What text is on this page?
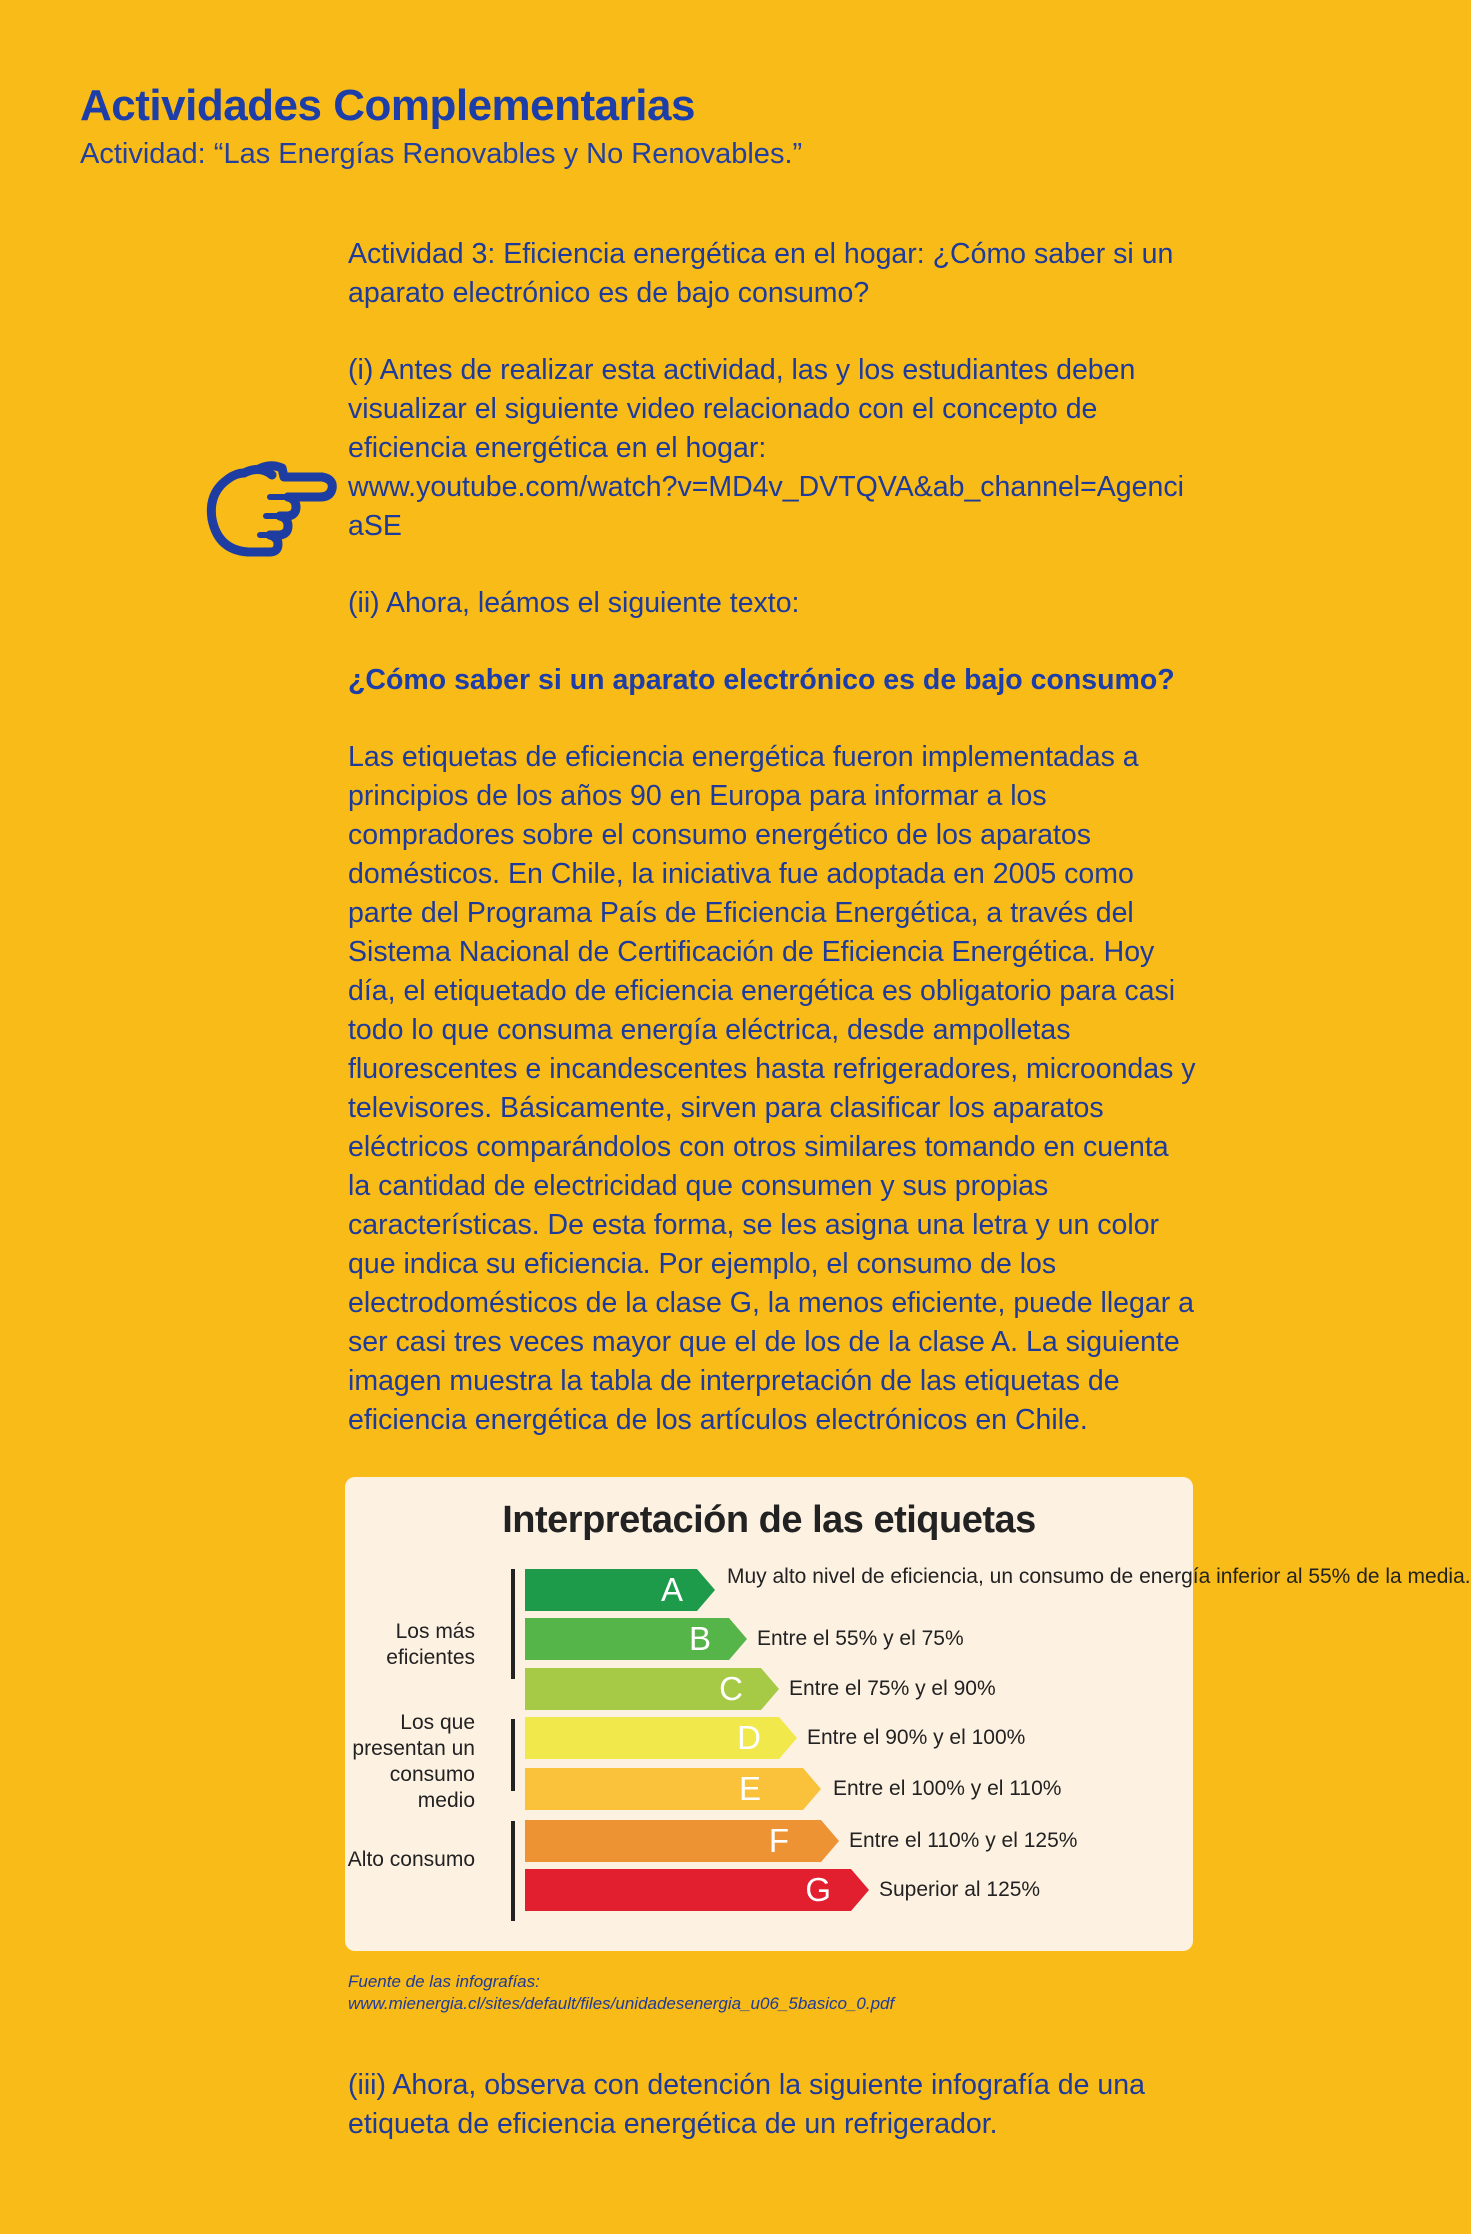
Actividades Complementarias

Actividad: “Las Energías Renovables y No Renovables.”

Actividad 3: Eficiencia energética en el hogar: ¿Cómo saber si un aparato electrónico es de bajo consumo?

(i) Antes de realizar esta actividad, las y los estudiantes deben visualizar el siguiente video relacionado con el concepto de eficiencia energética en el hogar:

www.youtube.com/watch?v=MD4v_DVTQVA&ab_channel=AgenciaSE

(ii) Ahora, leámos el siguiente texto:

¿Cómo saber si un aparato electrónico es de bajo consumo?

Las etiquetas de eficiencia energética fueron implementadas a principios de los años 90 en Europa para informar a los compradores sobre el consumo energético de los aparatos domésticos. En Chile, la iniciativa fue adoptada en 2005 como parte del Programa País de Eficiencia Energética, a través del Sistema Nacional de Certificación de Eficiencia Energética. Hoy día, el etiquetado de eficiencia energética es obligatorio para casi todo lo que consuma energía eléctrica, desde ampolletas fluorescentes e incandescentes hasta refrigeradores, microondas y televisores. Básicamente, sirven para clasificar los aparatos eléctricos comparándolos con otros similares tomando en cuenta la cantidad de electricidad que consumen y sus propias características. De esta forma, se les asigna una letra y un color que indica su eficiencia. Por ejemplo, el consumo de los electrodomésticos de la clase G, la menos eficiente, puede llegar a ser casi tres veces mayor que el de los de la clase A. La siguiente imagen muestra la tabla de interpretación de las etiquetas de eficiencia energética de los artículos electrónicos en Chile.

Interpretación de las etiquetas
Los más eficientes
Los que presentan un consumo medio
Alto consumo
A Muy alto nivel de eficiencia, un consumo de energía inferior al 55% de la media.
B Entre el 55% y el 75%
C Entre el 75% y el 90%
D Entre el 90% y el 100%
E	Entre el 100% y el 110%
F	Entre el 110% y el 125%
G Superior al 125%

Fuente de las infografías:

www.mienergia.cl/sites/default/files/unidadesenergia_u06_5basico_0.pdf

(iii) Ahora, observa con detención la siguiente infografía de una etiqueta de eficiencia energética de un refrigerador.
